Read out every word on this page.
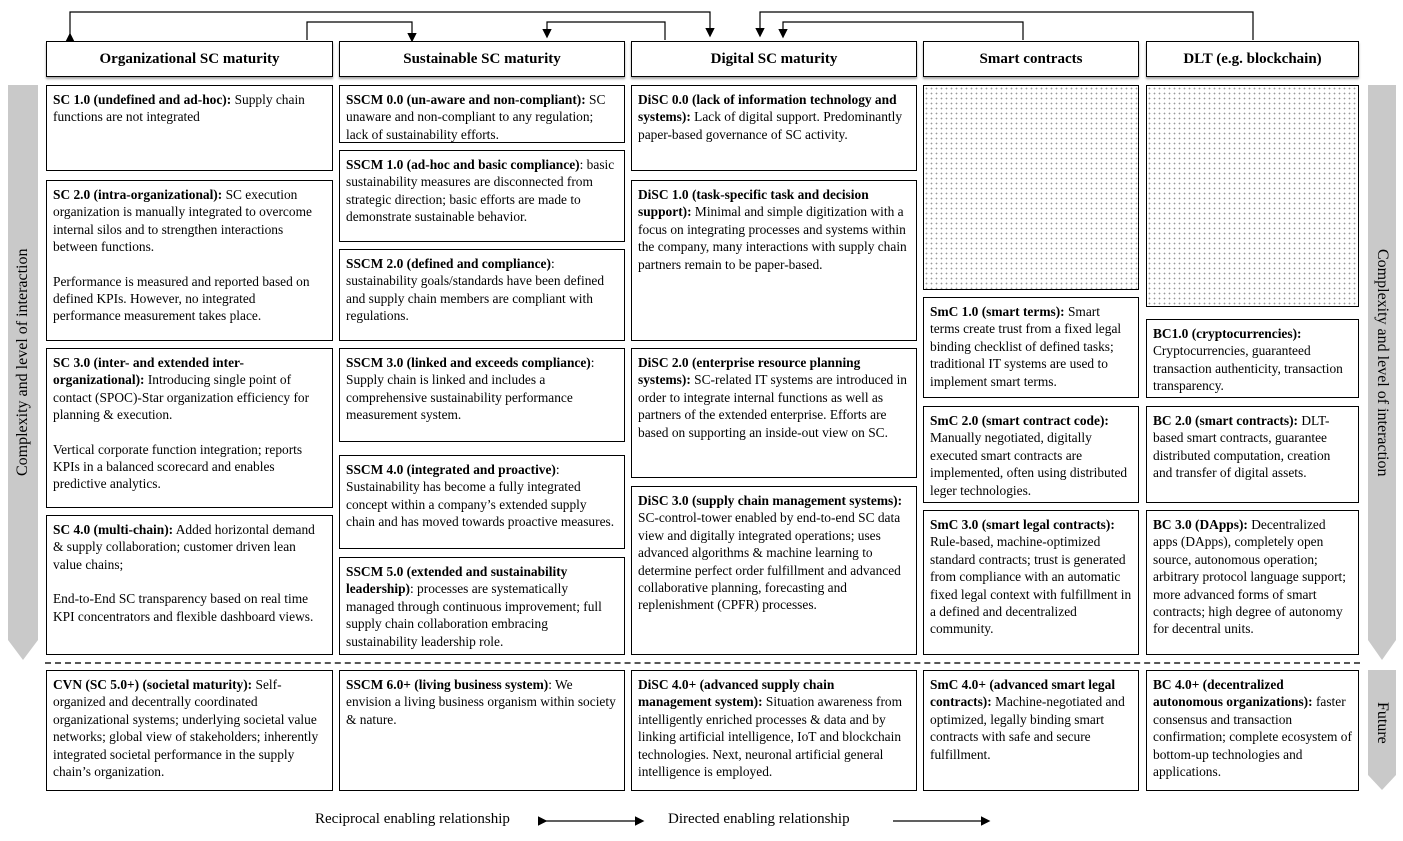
Complexity and level of interaction	Complexity and level of interaction
Future
Organizational SC maturity	Sustainable SC maturity	Digital SC maturity	Smart contracts	DLT (e.g. blockchain)
SC 1.0 (undefined and ad-hoc): Supply chain functions are not integrated
SC 2.0 (intra-organizational): SC execution organization is manually integrated to overcome internal silos and to strengthen interactions between functions.
Performance is measured and reported based on defined KPIs. However, no integrated performance measurement takes place.
SC 3.0 (inter- and extended inter-organizational): Introducing single point of contact (SPOC)-Star organization efficiency for planning & execution.
Vertical corporate function integration; reports KPIs in a balanced scorecard and enables predictive analytics.
SC 4.0 (multi-chain): Added horizontal demand & supply collaboration; customer driven lean value chains;
End-to-End SC transparency based on real time KPI concentrators and flexible dashboard views.
CVN (SC 5.0+) (societal maturity): Self-organized and decentrally coordinated organizational systems; underlying societal value networks; global view of stakeholders; inherently integrated societal performance in the supply chain’s organization.
SSCM 0.0 (un-aware and non-compliant): SC unaware and non-compliant to any regulation; lack of sustainability efforts.
SSCM 1.0 (ad-hoc and basic compliance): basic sustainability measures are disconnected from strategic direction; basic efforts are made to demonstrate sustainable behavior.
SSCM 2.0 (defined and compliance): sustainability goals/standards have been defined and supply chain members are compliant with regulations.
SSCM 3.0 (linked and exceeds compliance): Supply chain is linked and includes a comprehensive sustainability performance measurement system.
SSCM 4.0 (integrated and proactive): Sustainability has become a fully integrated concept within a company’s extended supply chain and has moved towards proactive measures.
SSCM 5.0 (extended and sustainability leadership): processes are systematically managed through continuous improvement; full supply chain collaboration embracing sustainability leadership role.
SSCM 6.0+ (living business system): We envision a living business organism within society & nature.
DiSC 0.0 (lack of information technology and systems): Lack of digital support. Predominantly paper-based governance of SC activity.
DiSC 1.0 (task-specific task and decision support): Minimal and simple digitization with a focus on integrating processes and systems within the company, many interactions with supply chain partners remain to be paper-based.
DiSC 2.0 (enterprise resource planning systems): SC-related IT systems are introduced in order to integrate internal functions as well as partners of the extended enterprise. Efforts are based on supporting an inside-out view on SC.
DiSC 3.0 (supply chain management systems): SC-control-tower enabled by end-to-end SC data view and digitally integrated operations; uses advanced algorithms & machine learning to determine perfect order fulfillment and advanced collaborative planning, forecasting and replenishment (CPFR) processes.
DiSC 4.0+ (advanced supply chain management system): Situation awareness from intelligently enriched processes & data and by linking artificial intelligence, IoT and blockchain technologies. Next, neuronal artificial general intelligence is employed.
SmC 1.0 (smart terms): Smart terms create trust from a fixed legal binding checklist of defined tasks; traditional IT systems are used to implement smart terms.
SmC 2.0 (smart contract code): Manually negotiated, digitally executed smart contracts are implemented, often using distributed leger technologies.
SmC 3.0 (smart legal contracts): Rule-based, machine-optimized standard contracts; trust is generated from compliance with an automatic fixed legal context with fulfillment in a defined and decentralized community.
SmC 4.0+ (advanced smart legal contracts): Machine-negotiated and optimized, legally binding smart contracts with safe and secure fulfillment.
BC1.0 (cryptocurrencies): Cryptocurrencies, guaranteed transaction authenticity, transaction transparency.
BC 2.0 (smart contracts): DLT-based smart contracts, guarantee distributed computation, creation and transfer of digital assets.
BC 3.0 (DApps): Decentralized apps (DApps), completely open source, autonomous operation; arbitrary protocol language support; more advanced forms of smart contracts; high degree of autonomy for decentral units.
BC 4.0+ (decentralized autonomous organizations): faster consensus and transaction confirmation; complete ecosystem of bottom-up technologies and applications.
Reciprocal enabling relationship	Directed enabling relationship
